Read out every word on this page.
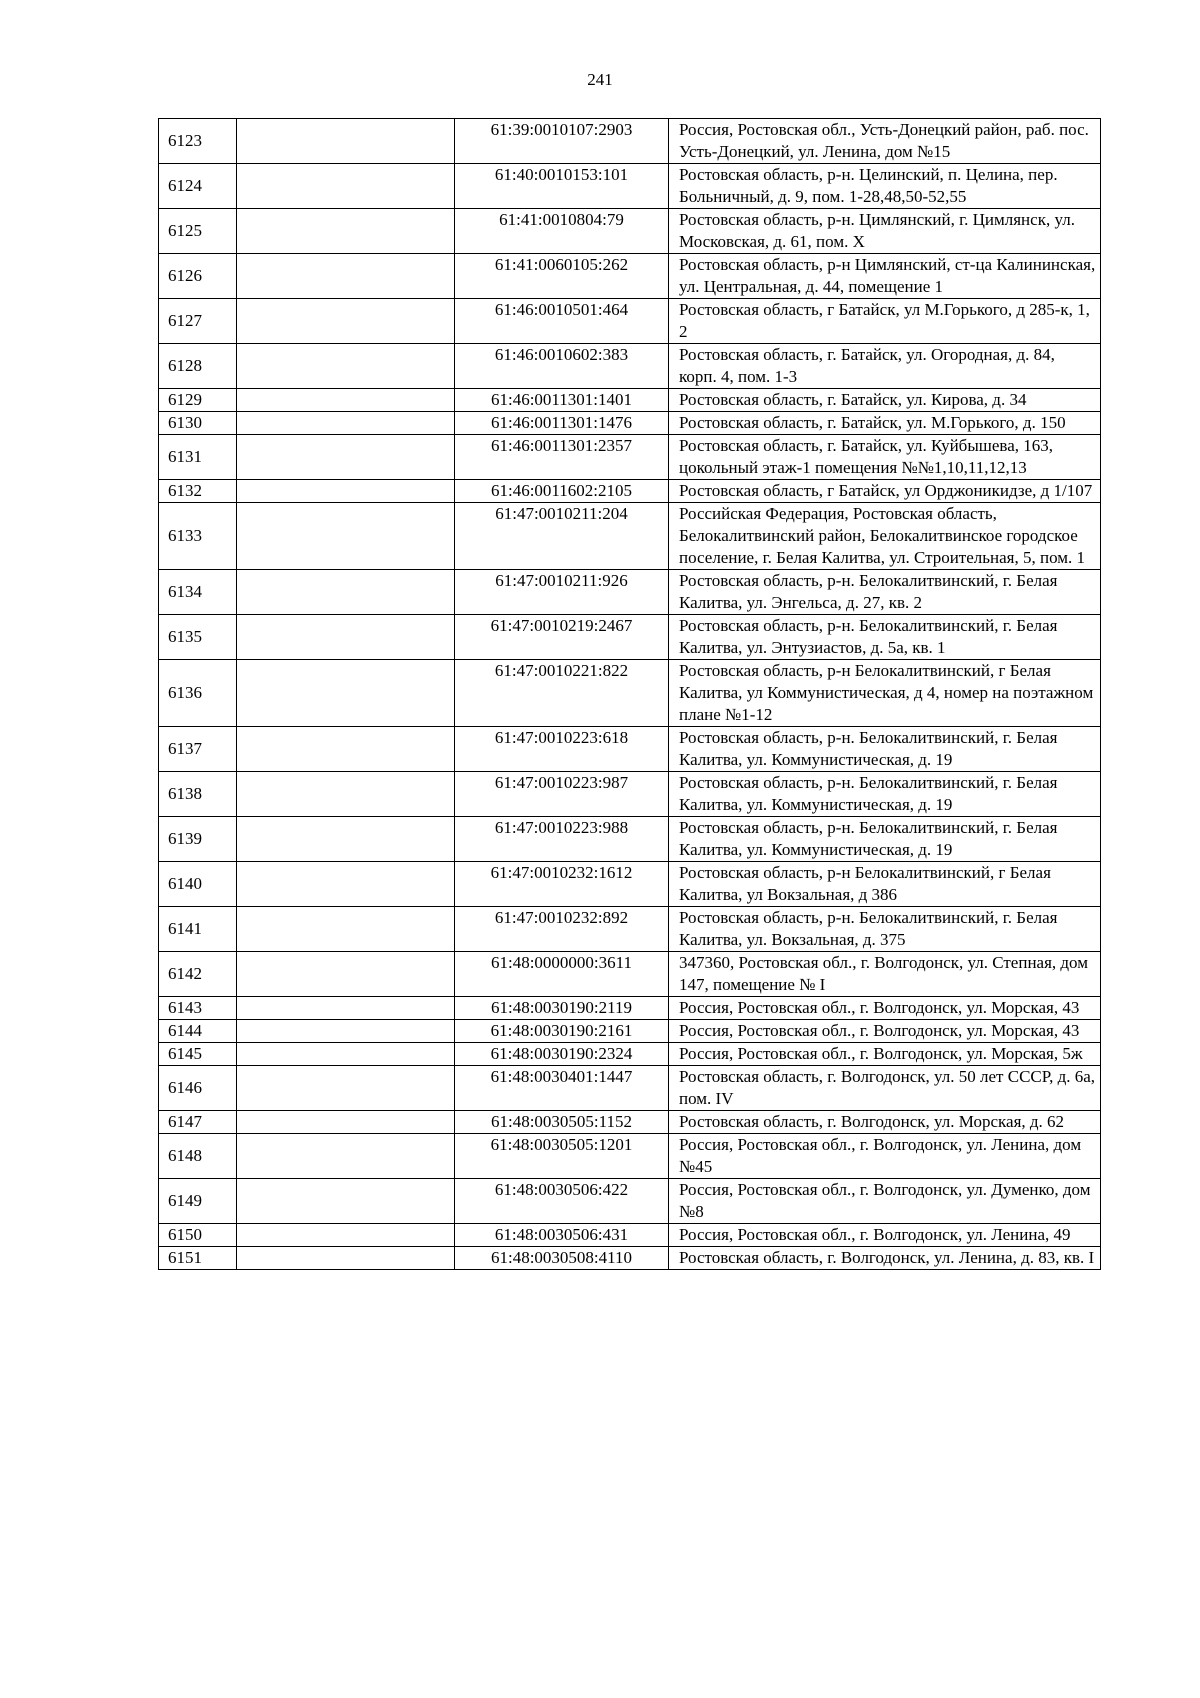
241
6123		61:39:0010107:2903	Россия, Ростовская обл., Усть-Донецкий район, раб. пос. Усть-Донецкий, ул. Ленина, дом №15
6124		61:40:0010153:101	Ростовская область, р-н. Целинский, п. Целина, пер. Больничный, д. 9, пом. 1-28,48,50-52,55
6125		61:41:0010804:79	Ростовская область, р-н. Цимлянский, г. Цимлянск, ул. Московская, д. 61, пом. X
6126		61:41:0060105:262	Ростовская область, р-н Цимлянский, ст-ца Калининская, ул. Центральная, д. 44, помещение 1
6127		61:46:0010501:464	Ростовская область, г Батайск, ул М.Горького, д 285-к, 1, 2
6128		61:46:0010602:383	Ростовская область, г. Батайск, ул. Огородная, д. 84, корп. 4, пом. 1-3
6129		61:46:0011301:1401	Ростовская область, г. Батайск, ул. Кирова, д. 34
6130		61:46:0011301:1476	Ростовская область, г. Батайск, ул. М.Горького, д. 150
6131		61:46:0011301:2357	Ростовская область, г. Батайск, ул. Куйбышева, 163, цокольный этаж-1 помещения №№1,10,11,12,13
6132		61:46:0011602:2105	Ростовская область, г Батайск, ул Орджоникидзе, д 1/107
6133		61:47:0010211:204	Российская Федерация, Ростовская область, Белокалитвинский район, Белокалитвинское городское поселение, г. Белая Калитва, ул. Строительная, 5, пом. 1
6134		61:47:0010211:926	Ростовская область, р-н. Белокалитвинский, г. Белая Калитва, ул. Энгельса, д. 27, кв. 2
6135		61:47:0010219:2467	Ростовская область, р-н. Белокалитвинский, г. Белая Калитва, ул. Энтузиастов, д. 5а, кв. 1
6136		61:47:0010221:822	Ростовская область, р-н Белокалитвинский, г Белая Калитва, ул Коммунистическая, д 4, номер на поэтажном плане №1-12
6137		61:47:0010223:618	Ростовская область, р-н. Белокалитвинский, г. Белая Калитва, ул. Коммунистическая, д. 19
6138		61:47:0010223:987	Ростовская область, р-н. Белокалитвинский, г. Белая Калитва, ул. Коммунистическая, д. 19
6139		61:47:0010223:988	Ростовская область, р-н. Белокалитвинский, г. Белая Калитва, ул. Коммунистическая, д. 19
6140		61:47:0010232:1612	Ростовская область, р-н Белокалитвинский, г Белая Калитва, ул Вокзальная, д 386
6141		61:47:0010232:892	Ростовская область, р-н. Белокалитвинский, г. Белая Калитва, ул. Вокзальная, д. 375
6142		61:48:0000000:3611	347360, Ростовская обл., г. Волгодонск, ул. Степная, дом 147, помещение № I
6143		61:48:0030190:2119	Россия, Ростовская обл., г. Волгодонск, ул. Морская, 43
6144		61:48:0030190:2161	Россия, Ростовская обл., г. Волгодонск, ул. Морская, 43
6145		61:48:0030190:2324	Россия, Ростовская обл., г. Волгодонск, ул. Морская, 5ж
6146		61:48:0030401:1447	Ростовская область, г. Волгодонск, ул. 50 лет СССР, д. 6а, пом. IV
6147		61:48:0030505:1152	Ростовская область, г. Волгодонск, ул. Морская, д. 62
6148		61:48:0030505:1201	Россия, Ростовская обл., г. Волгодонск, ул. Ленина, дом №45
6149		61:48:0030506:422	Россия, Ростовская обл., г. Волгодонск, ул. Думенко, дом №8
6150		61:48:0030506:431	Россия, Ростовская обл., г. Волгодонск, ул. Ленина, 49
6151		61:48:0030508:4110	Ростовская область, г. Волгодонск, ул. Ленина, д. 83, кв. I
